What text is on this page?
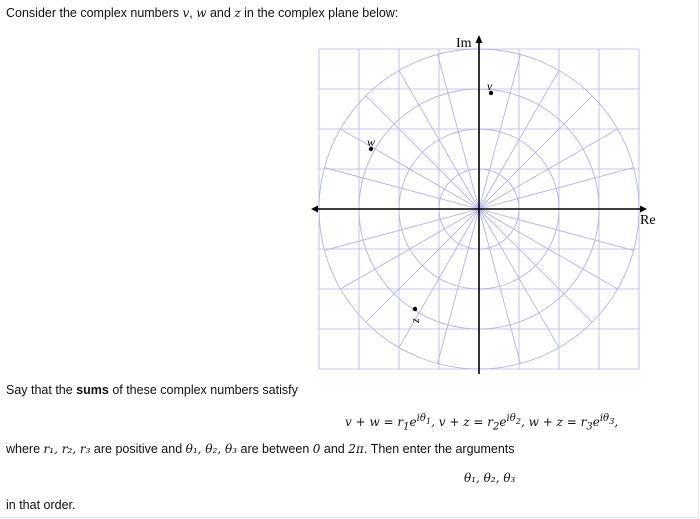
Consider the complex numbers v, w and z in the complex plane below:
v
w
z
Re
Im
Say that the sums of these complex numbers satisfy
$v + w = r_1e^{i\theta_1}$, $v + z = r_2e^{i\theta_2}$, $w + z = r_3e^{i\theta_3}$,
where r₁, r₂, r₃ are positive and θ₁, θ₂, θ₃ are between 0 and 2π. Then enter the arguments
θ₁, θ₂, θ₃
in that order.
